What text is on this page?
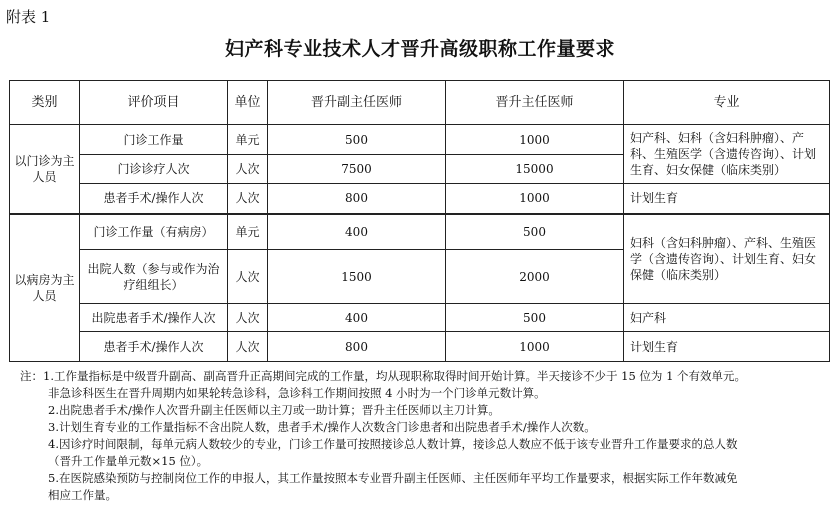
附表 1
妇产科专业技术人才晋升高级职称工作量要求
类别	评价项目	单位	晋升副主任医师	晋升主任医师	专业
以门诊为主人员	门诊工作量	单元	500	1000	妇产科、妇科（含妇科肿瘤）、产科、生殖医学（含遗传咨询）、计划生育、妇女保健（临床类别）
	门诊诊疗人次	人次	7500	15000	
	患者手术/操作人次	人次	800	1000	计划生育
以病房为主人员	门诊工作量（有病房）	单元	400	500	妇科（含妇科肿瘤）、产科、生殖医学（含遗传咨询）、计划生育、妇女保健（临床类别）
	出院人数（参与或作为治疗组组长）	人次	1500	2000	
	出院患者手术/操作人次	人次	400	500	妇产科
	患者手术/操作人次	人次	800	1000	计划生育
注：1.工作量指标是中级晋升副高、副高晋升正高期间完成的工作量，均从现职称取得时间开始计算。半天接诊不少于 15 位为 1 个有效单元。
非急诊科医生在晋升周期内如果轮转急诊科，急诊科工作期间按照 4 小时为一个门诊单元数计算。
2.出院患者手术/操作人次晋升副主任医师以主刀或一助计算；晋升主任医师以主刀计算。
3.计划生育专业的工作量指标不含出院人数，患者手术/操作人次数含门诊患者和出院患者手术/操作人次数。
4.因诊疗时间限制，每单元病人数较少的专业，门诊工作量可按照接诊总人数计算，接诊总人数应不低于该专业晋升工作量要求的总人数
（晋升工作量单元数×15 位）。
5.在医院感染预防与控制岗位工作的申报人，其工作量按照本专业晋升副主任医师、主任医师年平均工作量要求，根据实际工作年数减免
相应工作量。
